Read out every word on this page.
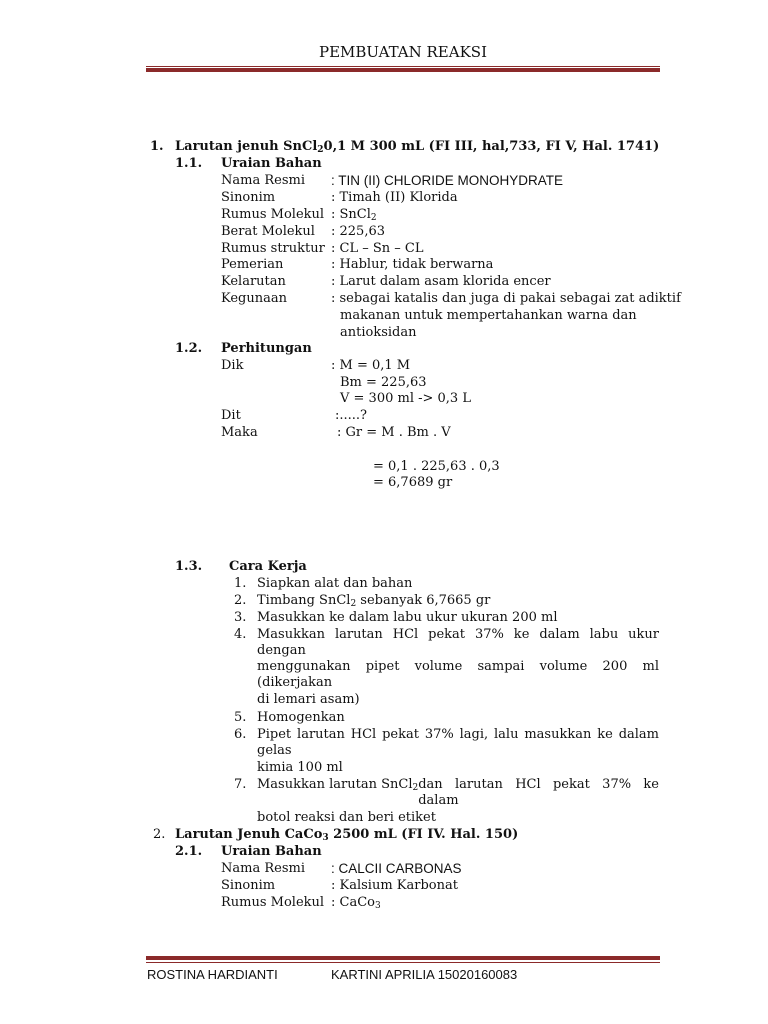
PEMBUATAN REAKSI
1. Larutan jenuh SnCl$_2$0,1 M 300 mL (FI III, hal,733, FI V, Hal. 1741)
1.1. Uraian Bahan
Nama Resmi : TIN (II) CHLORIDE MONOHYDRATE
Sinonim	: Timah (II) Klorida
Rumus Molekul : SnCl$_2$
Berat Molekul : 225,63
Rumus struktur : CL – Sn – CL
Pemerian	: Hablur, tidak berwarna
Kelarutan	: Larut dalam asam klorida encer
Kegunaan	: sebagai katalis dan juga di pakai sebagai zat adiktif
makanan untuk mempertahankan warna dan
antioksidan
1.2. Perhitungan
Dik	: M = 0,1 M
Bm = 225,63
V = 300 ml -> 0,3 L
Dit	:.....?
Maka	: Gr = M . Bm . V
= 0,1 . 225,63 . 0,3
= 6,7689 gr
1.3. Cara Kerja
1. Siapkan alat dan bahan
2. Timbang SnCl$_2$ sebanyak 6,7665 gr
3. Masukkan ke dalam labu ukur ukuran 200 ml
4. Masukkan larutan HCl pekat 37% ke dalam labu ukur dengan
menggunakan pipet volume sampai volume 200 ml (dikerjakan
di lemari asam)
5. Homogenkan
6. Pipet larutan HCl pekat 37% lagi, lalu masukkan ke dalam gelas
kimia 100 ml
7. Masukkan larutan SnCl$_2$ dan larutan HCl pekat 37% ke dalam
botol reaksi dan beri etiket
2. Larutan Jenuh CaCo$_3$ 2500 mL (FI IV. Hal. 150)
2.1. Uraian Bahan
Nama Resmi : CALCII CARBONAS
Sinonim	: Kalsium Karbonat
Rumus Molekul : CaCo$_3$
ROSTINA HARDIANTI	KARTINI APRILIA 15020160083
